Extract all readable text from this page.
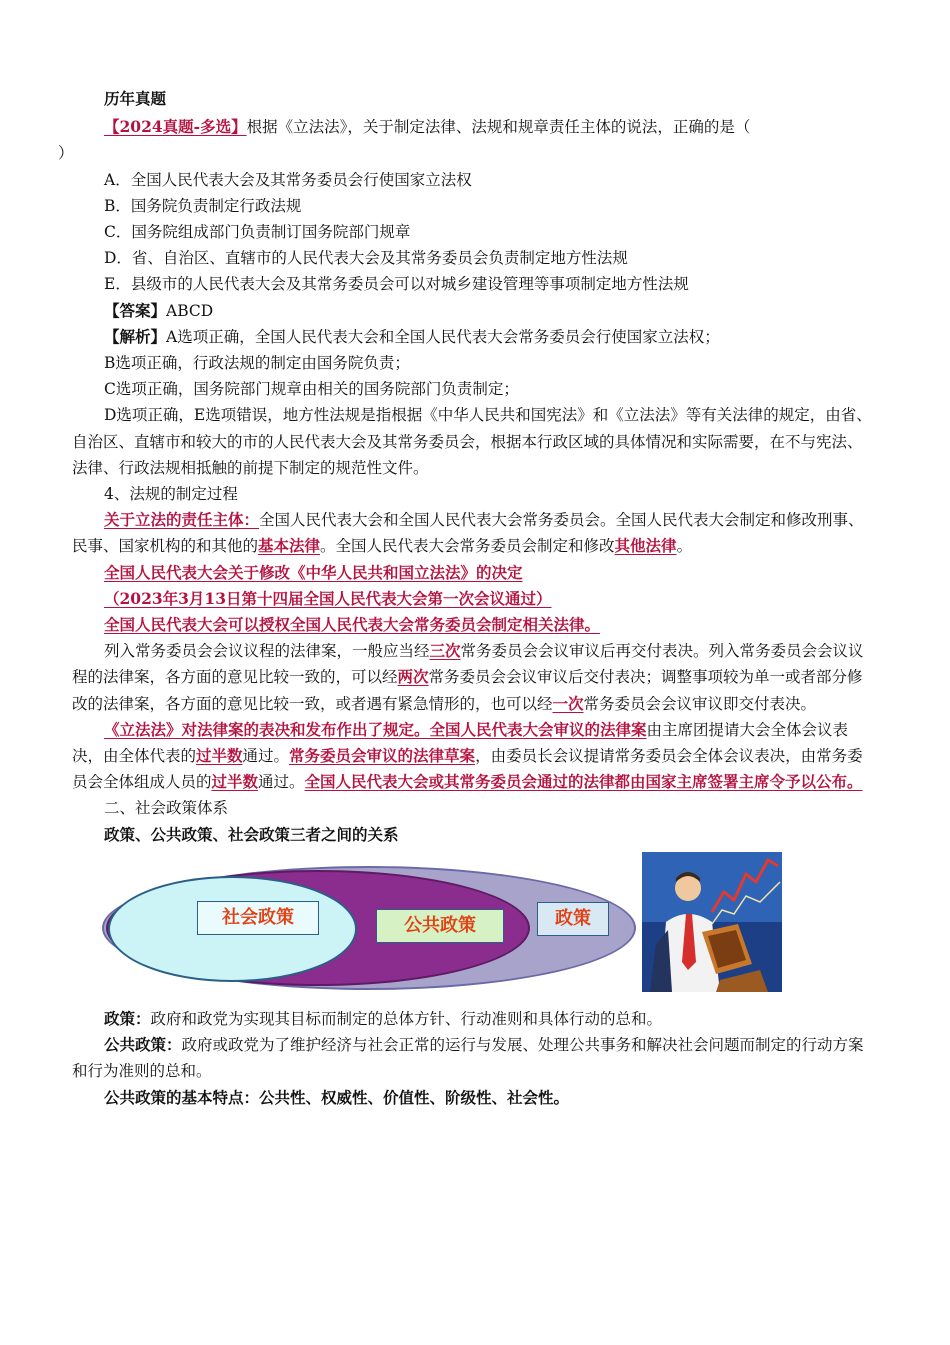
历年真题

【2024真题-多选】根据《立法法》，关于制定法律、法规和规章责任主体的说法，正确的是（
）

A．全国人民代表大会及其常务委员会行使国家立法权

B．国务院负责制定行政法规

C．国务院组成部门负责制订国务院部门规章

D．省、自治区、直辖市的人民代表大会及其常务委员会负责制定地方性法规

E．县级市的人民代表大会及其常务委员会可以对城乡建设管理等事项制定地方性法规

【答案】ABCD

【解析】A选项正确，全国人民代表大会和全国人民代表大会常务委员会行使国家立法权；

B选项正确，行政法规的制定由国务院负责；

C选项正确，国务院部门规章由相关的国务院部门负责制定；

D选项正确，E选项错误，地方性法规是指根据《中华人民共和国宪法》和《立法法》等有关法律的规定，由省、自治区、直辖市和较大的市的人民代表大会及其常务委员会，根据本行政区域的具体情况和实际需要，在不与宪法、法律、行政法规相抵触的前提下制定的规范性文件。

4、法规的制定过程

关于立法的责任主体：全国人民代表大会和全国人民代表大会常务委员会。全国人民代表大会制定和修改刑事、民事、国家机构的和其他的基本法律。全国人民代表大会常务委员会制定和修改其他法律。

全国人民代表大会关于修改《中华人民共和国立法法》的决定

（2023年3月13日第十四届全国人民代表大会第一次会议通过）

全国人民代表大会可以授权全国人民代表大会常务委员会制定相关法律。

列入常务委员会会议议程的法律案，一般应当经三次常务委员会会议审议后再交付表决。列入常务委员会会议议程的法律案，各方面的意见比较一致的，可以经两次常务委员会会议审议后交付表决；调整事项较为单一或者部分修改的法律案，各方面的意见比较一致，或者遇有紧急情形的，也可以经一次常务委员会会议审议即交付表决。

《立法法》对法律案的表决和发布作出了规定。全国人民代表大会审议的法律案由主席团提请大会全体会议表决，由全体代表的过半数通过。常务委员会审议的法律草案，由委员长会议提请常务委员会全体会议表决，由常务委员会全体组成人员的过半数通过。全国人民代表大会或其常务委员会通过的法律都由国家主席签署主席令予以公布。

二、社会政策体系

政策、公共政策、社会政策三者之间的关系

社会政策	公共政策	政策

政策：政府和政党为实现其目标而制定的总体方针、行动准则和具体行动的总和。

公共政策：政府或政党为了维护经济与社会正常的运行与发展、处理公共事务和解决社会问题而制定的行动方案和行为准则的总和。

公共政策的基本特点：公共性、权威性、价值性、阶级性、社会性。
